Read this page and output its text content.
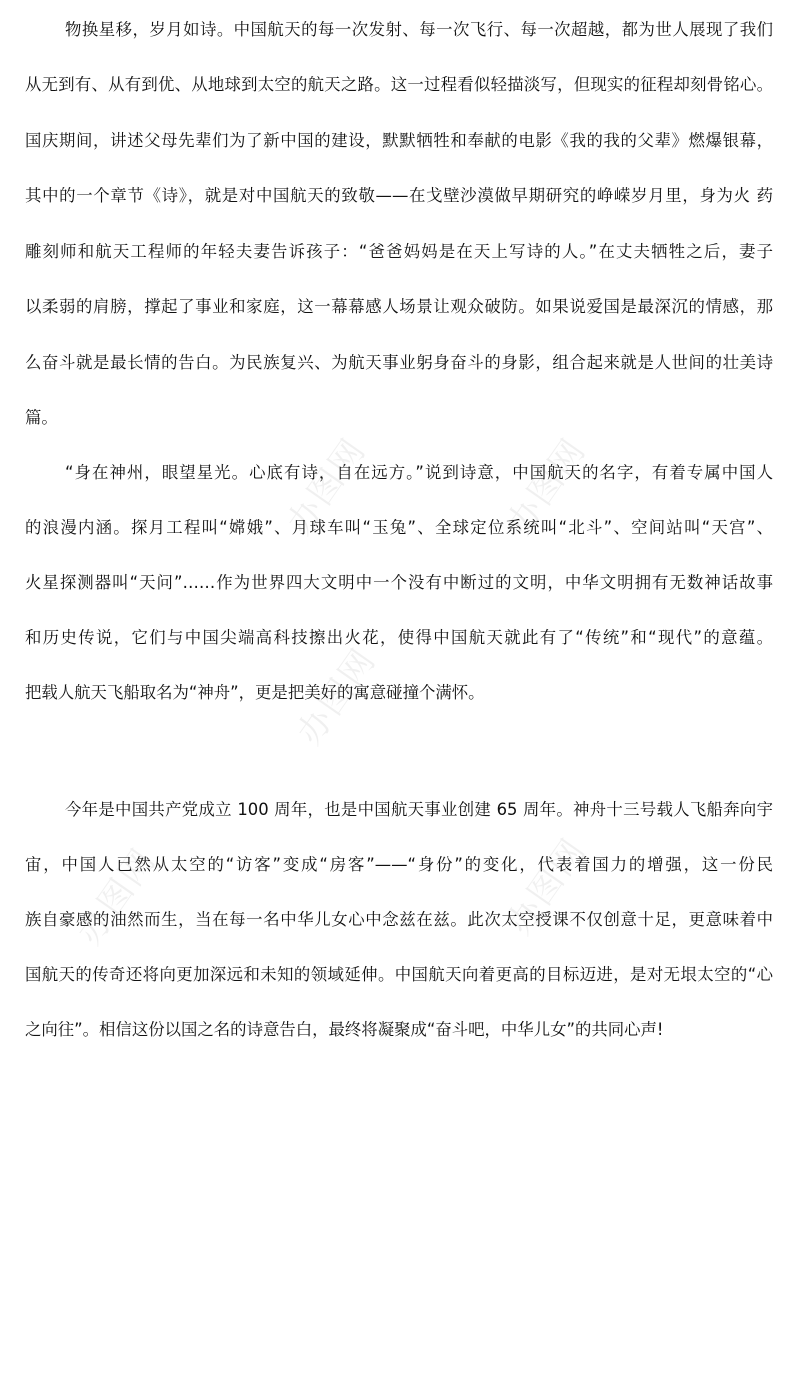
办图网	办图网
办图网
办图网	办图网
物换星移，岁月如诗。中国航天的每一次发射、每一次飞行、每一次超越，都为世人展现了我们
从无到有、从有到优、从地球到太空的航天之路。这一过程看似轻描淡写，但现实的征程却刻骨铭心。
国庆期间，讲述父母先辈们为了新中国的建设，默默牺牲和奉献的电影《我的我的父辈》燃爆银幕，
其中的一个章节《诗》，就是对中国航天的致敬——在戈壁沙漠做早期研究的峥嵘岁月里，身为火 药
雕刻师和航天工程师的年轻夫妻告诉孩子：“爸爸妈妈是在天上写诗的人。”在丈夫牺牲之后，妻子
以柔弱的肩膀，撑起了事业和家庭，这一幕幕感人场景让观众破防。如果说爱国是最深沉的情感，那
么奋斗就是最长情的告白。为民族复兴、为航天事业躬身奋斗的身影，组合起来就是人世间的壮美诗
篇。
“身在神州，眼望星光。心底有诗，自在远方。”说到诗意，中国航天的名字，有着专属中国人
的浪漫内涵。探月工程叫“嫦娥”、月球车叫“玉兔”、全球定位系统叫“北斗”、空间站叫“天宫”、
火星探测器叫“天问”……作为世界四大文明中一个没有中断过的文明，中华文明拥有无数神话故事
和历史传说，它们与中国尖端高科技擦出火花，使得中国航天就此有了“传统”和“现代”的意蕴。
把载人航天飞船取名为“神舟”，更是把美好的寓意碰撞个满怀。
今年是中国共产党成立 100 周年，也是中国航天事业创建 65 周年。神舟十三号载人飞船奔向宇
宙，中国人已然从太空的“访客”变成“房客”——“身份”的变化，代表着国力的增强，这一份民
族自豪感的油然而生，当在每一名中华儿女心中念兹在兹。此次太空授课不仅创意十足，更意味着中
国航天的传奇还将向更加深远和未知的领域延伸。中国航天向着更高的目标迈进，是对无垠太空的“心
之向往”。相信这份以国之名的诗意告白，最终将凝聚成“奋斗吧，中华儿女”的共同心声!
